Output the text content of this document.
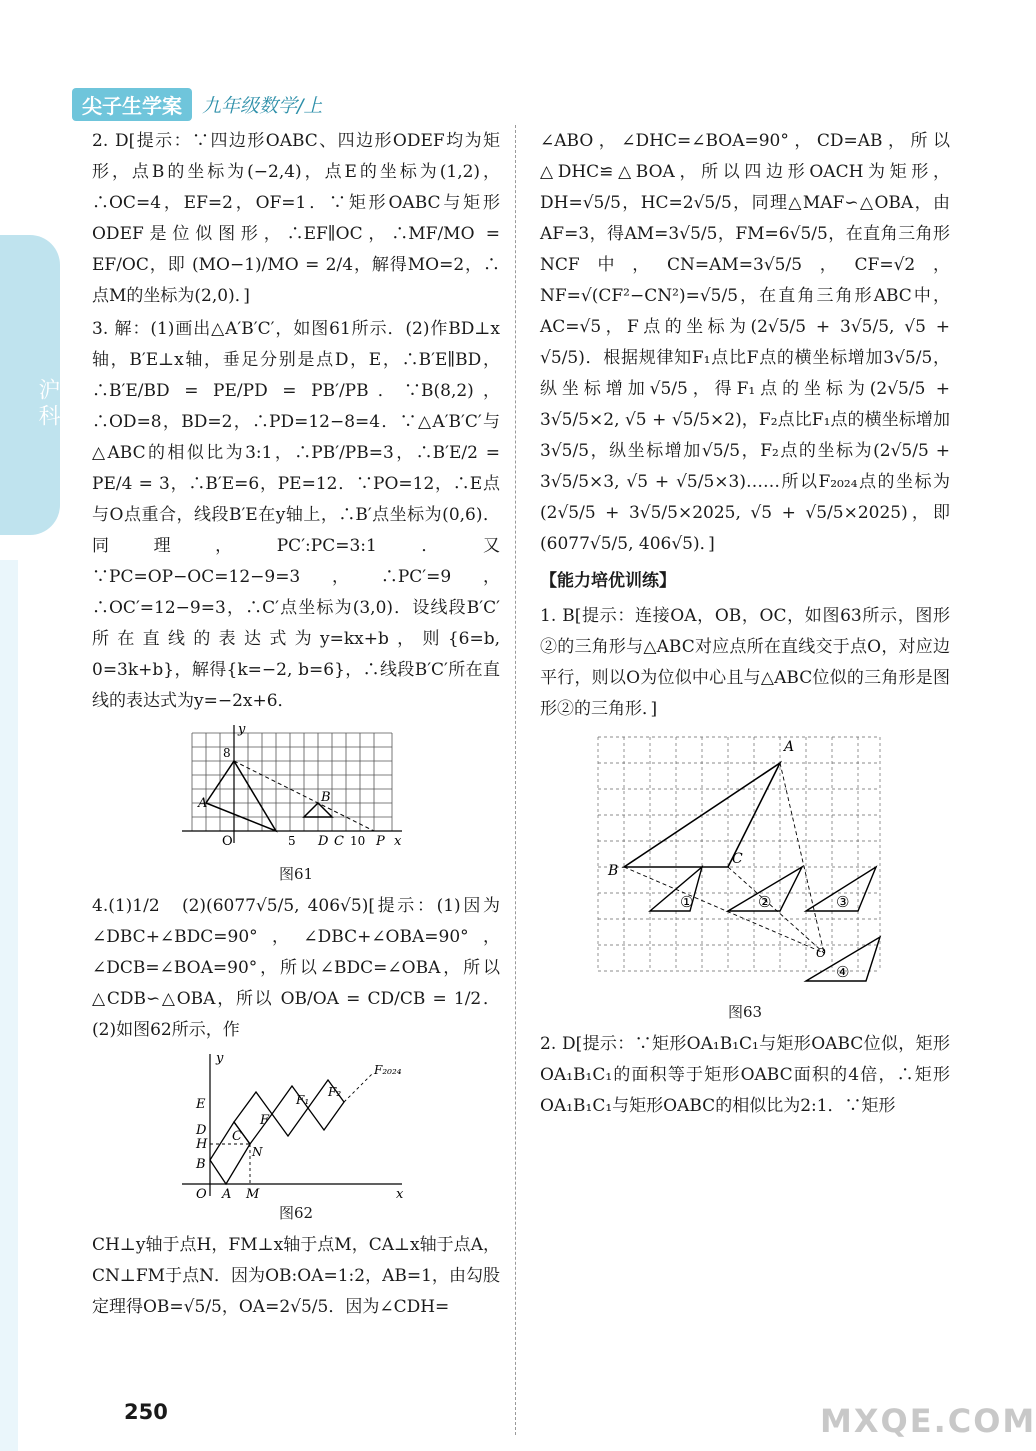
沪科
尖子生学案	九年级数学/上

2. D[提示：∵四边形OABC、四边形ODEF均为矩形，点B的坐标为(−2,4)，点E的坐标为(1,2)，∴OC=4，EF=2，OF=1．∵矩形OABC与矩形ODEF是位似图形，∴EF∥OC，∴MF/MO = EF/OC，即 (MO−1)/MO = 2/4，解得MO=2，∴点M的坐标为(2,0)．]

3. 解：(1)画出△A′B′C′，如图61所示．(2)作BD⊥x轴，B′E⊥x轴，垂足分别是点D，E，∴B′E∥BD，∴B′E/BD = PE/PD = PB′/PB．∵B(8,2)，∴OD=8，BD=2，∴PD=12−8=4．∵△A′B′C′与△ABC的相似比为3:1，∴PB′/PB=3，∴B′E/2 = PE/4 = 3，∴B′E=6，PE=12．∵PO=12，∴E点与O点重合，线段B′E在y轴上，∴B′点坐标为(0,6)．同理，PC′:PC=3:1．又∵PC=OP−OC=12−9=3，∴PC′=9，∴OC′=12−9=3，∴C′点坐标为(3,0)．设线段B′C′所在直线的表达式为y=kx+b，则{6=b, 0=3k+b}，解得{k=−2, b=6}，∴线段B′C′所在直线的表达式为y=−2x+6．

y
x
O
8
A	B
C
D
5	10 P
图61

4.(1)1/2　(2)(6077√5/5, 406√5)[提示：(1)因为∠DBC+∠BDC=90°，∠DBC+∠OBA=90°，∠DCB=∠BOA=90°，所以∠BDC=∠OBA，所以△CDB∽△OBA，所以 OB/OA = CD/CB = 1/2．(2)如图62所示，作

y
x
O
E
D
H
B
C
A M
F
N
F₁
F₂
F₂₀₂₄
图62

CH⊥y轴于点H，FM⊥x轴于点M，CA⊥x轴于点A，CN⊥FM于点N．因为OB:OA=1:2，AB=1，由勾股定理得OB=√5/5，OA=2√5/5．因为∠CDH=

∠ABO，∠DHC=∠BOA=90°，CD=AB，所以△DHC≌△BOA，所以四边形OACH为矩形，DH=√5/5，HC=2√5/5，同理△MAF∽△OBA，由AF=3，得AM=3√5/5，FM=6√5/5，在直角三角形NCF中，CN=AM=3√5/5，CF=√2，NF=√(CF²−CN²)=√5/5，在直角三角形ABC中，AC=√5，F点的坐标为(2√5/5 + 3√5/5, √5 + √5/5)．根据规律知F₁点比F点的横坐标增加3√5/5，纵坐标增加√5/5，得F₁点的坐标为(2√5/5 + 3√5/5×2, √5 + √5/5×2)，F₂点比F₁点的横坐标增加3√5/5，纵坐标增加√5/5，F₂点的坐标为(2√5/5 + 3√5/5×3, √5 + √5/5×3)……所以F₂₀₂₄点的坐标为(2√5/5 + 3√5/5×2025, √5 + √5/5×2025)，即(6077√5/5, 406√5)．]

【能力培优训练】

1. B[提示：连接OA，OB，OC，如图63所示，图形②的三角形与△ABC对应点所在直线交于点O，对应边平行，则以O为位似中心且与△ABC位似的三角形是图形②的三角形．]

A
B
C
O
①	②	③
④
图63

2. D[提示：∵矩形OA₁B₁C₁与矩形OABC位似，矩形OA₁B₁C₁的面积等于矩形OABC面积的4倍，∴矩形OA₁B₁C₁与矩形OABC的相似比为2:1．∵矩形

250	MXQE.COM
